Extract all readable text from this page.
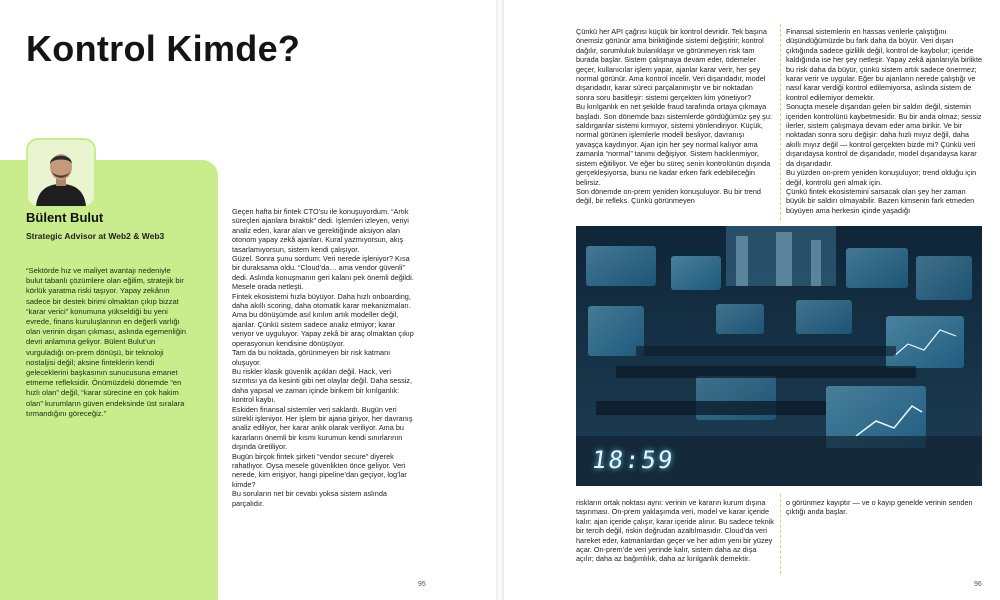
Kontrol Kimde?
Bülent Bulut
Strategic Advisor at Web2 & Web3

“Sektörde hız ve maliyet avantajı nedeniyle bulut tabanlı çözümlere olan eğilim, stratejik bir körlük yaratma riski taşıyor. Yapay zekânın sadece bir destek birimi olmaktan çıkıp bizzat “karar verici” konumuna yükseldiği bu yeni evrede, finans kuruluşlarının en değerli varlığı olan verinin dışarı çıkması, aslında egemenliğin devri anlamına geliyor. Bülent Bulut’un vurguladığı on-prem dönüşü, bir teknoloji nostaljisi değil; aksine finteklerin kendi geleceklerini başkasının sunucusuna emanet etmeme refleksidir. Önümüzdeki dönemde “en hızlı olan” değil, “karar sürecine en çok hakim olan” kurumların güven endeksinde üst sıralara tırmandığını göreceğiz.”

Geçen hafta bir fintek CTO’su ile konuşuyordum. “Artık süreçleri ajanlara bıraktık” dedi. İşlemleri izleyen, veriyi analiz eden, karar alan ve gerektiğinde aksiyon alan otonom yapay zekâ ajanları. Kural yazmıyorsun, akış tasarlamıyorsun, sistem kendi çalışıyor.

Güzel. Sonra şunu sordum: Veri nerede işleniyor? Kısa bir duraksama oldu. “Cloud’da… ama vendor güvenli” dedi. Aslında konuşmanın geri kalanı pek önemli değildi. Mesele orada netleşti.

Fintek ekosistemi hızla büyüyor. Daha hızlı onboarding, daha akıllı scoring, daha otomatik karar mekanizmaları. Ama bu dönüşümde asıl kırılım artık modeller değil, ajanlar. Çünkü sistem sadece analiz etmiyor; karar veriyor ve uyguluyor. Yapay zekâ bir araç olmaktan çıkıp operasyonun kendisine dönüşüyor.

Tam da bu noktada, görünmeyen bir risk katmanı oluşuyor.

Bu riskler klasik güvenlik açıkları değil. Hack, veri sızıntısı ya da kesinti gibi net olaylar değil. Daha sessiz, daha yapısal ve zaman içinde birikem bir kırılganlık: kontrol kaybı.

Eskiden finansal sistemler veri saklardı. Bugün veri sürekli işleniyor. Her işlem bir ajana giriyor, her davranış analiz ediliyor, her karar anlık olarak veriliyor. Ama bu kararların önemli bir kısmı kurumun kendi sınırlarının dışında üretiliyor.

Bugün birçok fintek şirketi “vendor secure” diyerek rahatlıyor. Oysa mesele güvenlikten önce geliyor. Veri nerede, kim erişiyor, hangi pipeline’dan geçiyor, log’lar kimde?

Bu soruların net bir cevabı yoksa sistem aslında parçalıdır.

95

Çünkü her API çağrısı küçük bir kontrol devridir. Tek başına önemsiz görünür ama biriktiğinde sistemi değiştirir; kontrol dağılır, sorumluluk bulanıklaşır ve görünmeyen risk tam burada başlar. Sistem çalışmaya devam eder, ödemeler geçer, kullanıcılar işlem yapar, ajanlar karar verir, her şey normal görünür. Ama kontrol incelir. Veri dışarıdadır, model dışarıdadır, karar süreci parçalanmıştır ve bir noktadan sonra soru basitleşir: sistemi gerçekten kim yönetiyor?

Bu kırılganlık en net şekilde fraud tarafında ortaya çıkmaya başladı. Son dönemde bazı sistemlerde gördüğümüz şey şu: saldırganlar sistemi kırmıyor, sistemi yönlendiriyor. Küçük, normal görünen işlemlerle modeli besliyor, davranışı yavaşça kaydırıyor. Ajan için her şey normal kalıyor ama zamanla “normal” tanımı değişiyor. Sistem hacklenmiyor, sistem eğitiliyor. Ve eğer bu süreç senin kontrolünün dışında gerçekleşiyorsa, bunu ne kadar erken fark edebileceğin belirsiz.

Son dönemde on-prem yeniden konuşuluyor. Bu bir trend değil, bir refleks. Çünkü görünmeyen

Finansal sistemlerin en hassas verilerle çalıştığını düşündüğümüzde bu fark daha da büyür. Veri dışarı çıktığında sadece gizlilik değil, kontrol de kaybolur; içeride kaldığında ise her şey netleşir. Yapay zekâ ajanlarıyla birlikte bu risk daha da büyür, çünkü sistem artık sadece önermez; karar verir ve uygular. Eğer bu ajanların nerede çalıştığı ve nasıl karar verdiği kontrol edilemiyorsa, aslında sistem de kontrol edilemiyor demektir.

Sonuçta mesele dışarıdan gelen bir saldırı değil, sistemin içeriden kontrolünü kaybetmesidir. Bu bir anda olmaz; sessiz ilerler, sistem çalışmaya devam eder ama birikir. Ve bir noktadan sonra soru değişir: daha hızlı mıyız değil, daha akıllı mıyız değil — kontrol gerçekten bizde mi? Çünkü veri dışarıdaysa kontrol de dışarıdadır, model dışarıdaysa karar da dışarıdadır.

Bu yüzden on-prem yeniden konuşuluyor; trend olduğu için değil, kontrolü geri almak için.

Çünkü fintek ekosistemini sarsacak olan şey her zaman büyük bir saldırı olmayabilir. Bazen kimsenin fark etmeden büyüyen ama herkesin içinde yaşadığı

18:59

riskların ortak noktası aynı: verinin ve kararın kurum dışına taşınması. On-prem yaklaşımda veri, model ve karar içeride kalır; ajan içeride çalışır, karar içeride alınır. Bu sadece teknik bir tercih değil, riskin doğrudan azaltılmasıdır. Cloud’da veri hareket eder, katmanlardan geçer ve her adım yeni bir yüzey açar. On-prem’de veri yerinde kalır, sistem daha az dışa açılır; daha az bağımlılık, daha az kırılganlık demektir.

o görünmez kayıptır — ve o kayıp genelde verinin senden çıktığı anda başlar.

96
